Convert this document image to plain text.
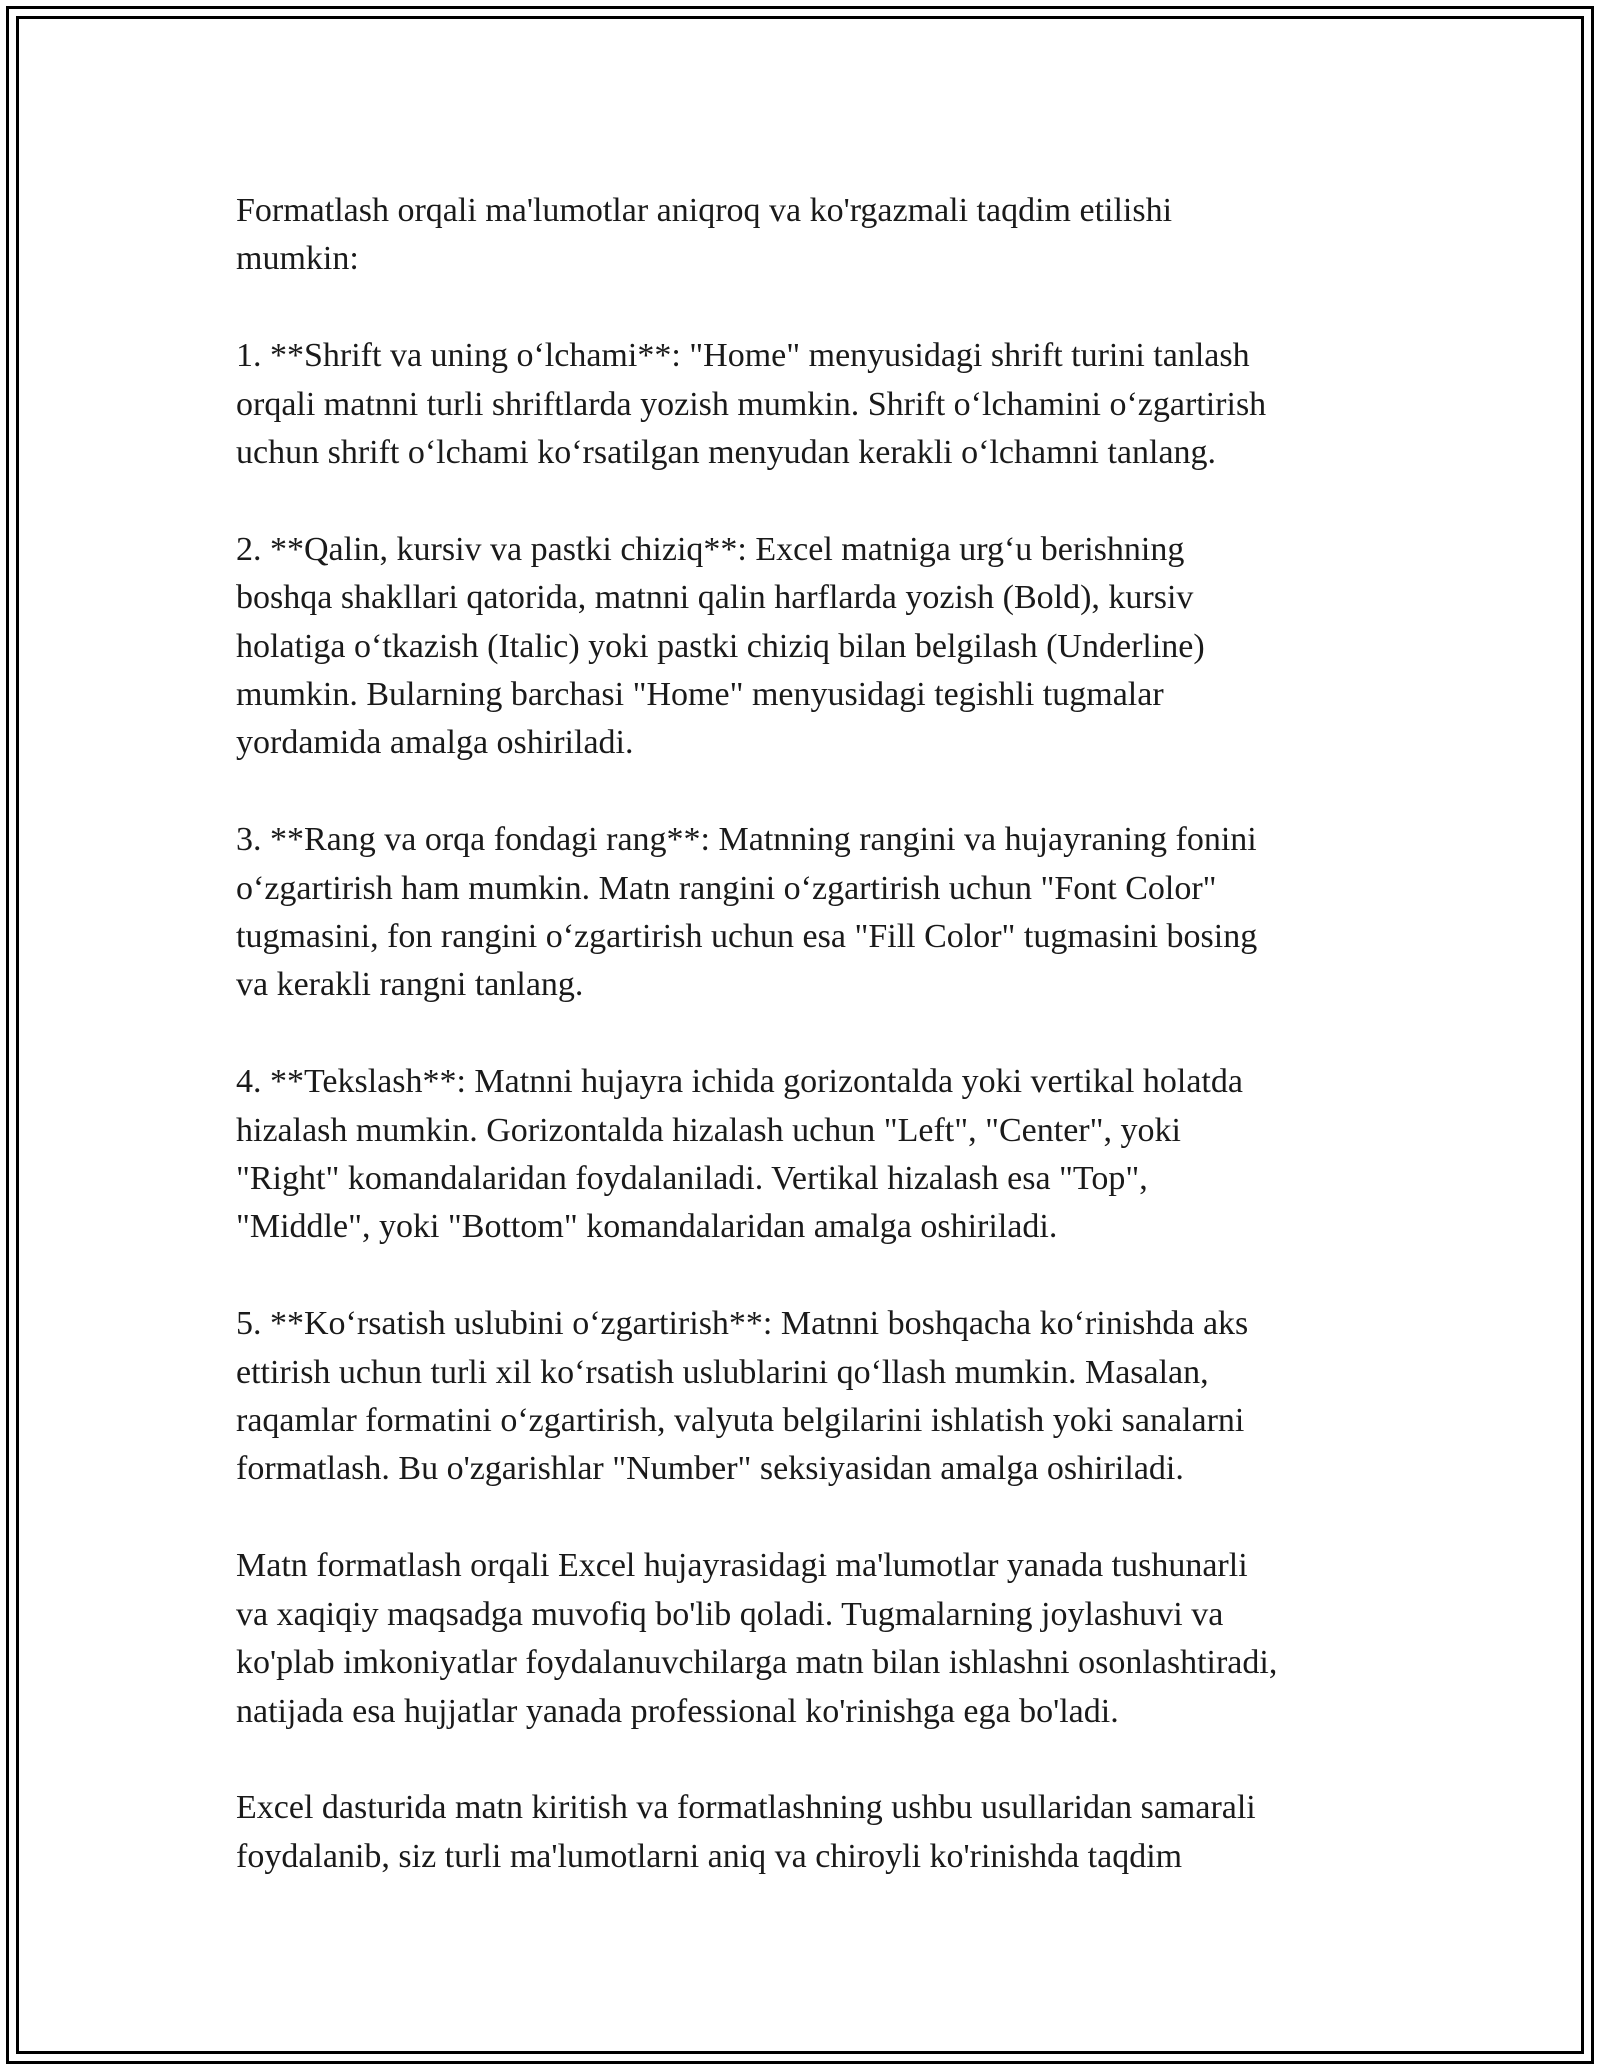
Formatlash orqali ma'lumotlar aniqroq va ko'rgazmali taqdim etilishi
mumkin:

1. **Shrift va uning o‘lchami**: "Home" menyusidagi shrift turini tanlash
orqali matnni turli shriftlarda yozish mumkin. Shrift o‘lchamini o‘zgartirish
uchun shrift o‘lchami ko‘rsatilgan menyudan kerakli o‘lchamni tanlang.

2. **Qalin, kursiv va pastki chiziq**: Excel matniga urg‘u berishning
boshqa shakllari qatorida, matnni qalin harflarda yozish (Bold), kursiv
holatiga o‘tkazish (Italic) yoki pastki chiziq bilan belgilash (Underline)
mumkin. Bularning barchasi "Home" menyusidagi tegishli tugmalar
yordamida amalga oshiriladi.

3. **Rang va orqa fondagi rang**: Matnning rangini va hujayraning fonini
o‘zgartirish ham mumkin. Matn rangini o‘zgartirish uchun "Font Color"
tugmasini, fon rangini o‘zgartirish uchun esa "Fill Color" tugmasini bosing
va kerakli rangni tanlang.

4. **Tekslash**: Matnni hujayra ichida gorizontalda yoki vertikal holatda
hizalash mumkin. Gorizontalda hizalash uchun "Left", "Center", yoki
"Right" komandalaridan foydalaniladi. Vertikal hizalash esa "Top",
"Middle", yoki "Bottom" komandalaridan amalga oshiriladi.

5. **Ko‘rsatish uslubini o‘zgartirish**: Matnni boshqacha ko‘rinishda aks
ettirish uchun turli xil ko‘rsatish uslublarini qo‘llash mumkin. Masalan,
raqamlar formatini o‘zgartirish, valyuta belgilarini ishlatish yoki sanalarni
formatlash. Bu o'zgarishlar "Number" seksiyasidan amalga oshiriladi.

Matn formatlash orqali Excel hujayrasidagi ma'lumotlar yanada tushunarli
va xaqiqiy maqsadga muvofiq bo'lib qoladi. Tugmalarning joylashuvi va
ko'plab imkoniyatlar foydalanuvchilarga matn bilan ishlashni osonlashtiradi,
natijada esa hujjatlar yanada professional ko'rinishga ega bo'ladi.

Excel dasturida matn kiritish va formatlashning ushbu usullaridan samarali
foydalanib, siz turli ma'lumotlarni aniq va chiroyli ko'rinishda taqdim
